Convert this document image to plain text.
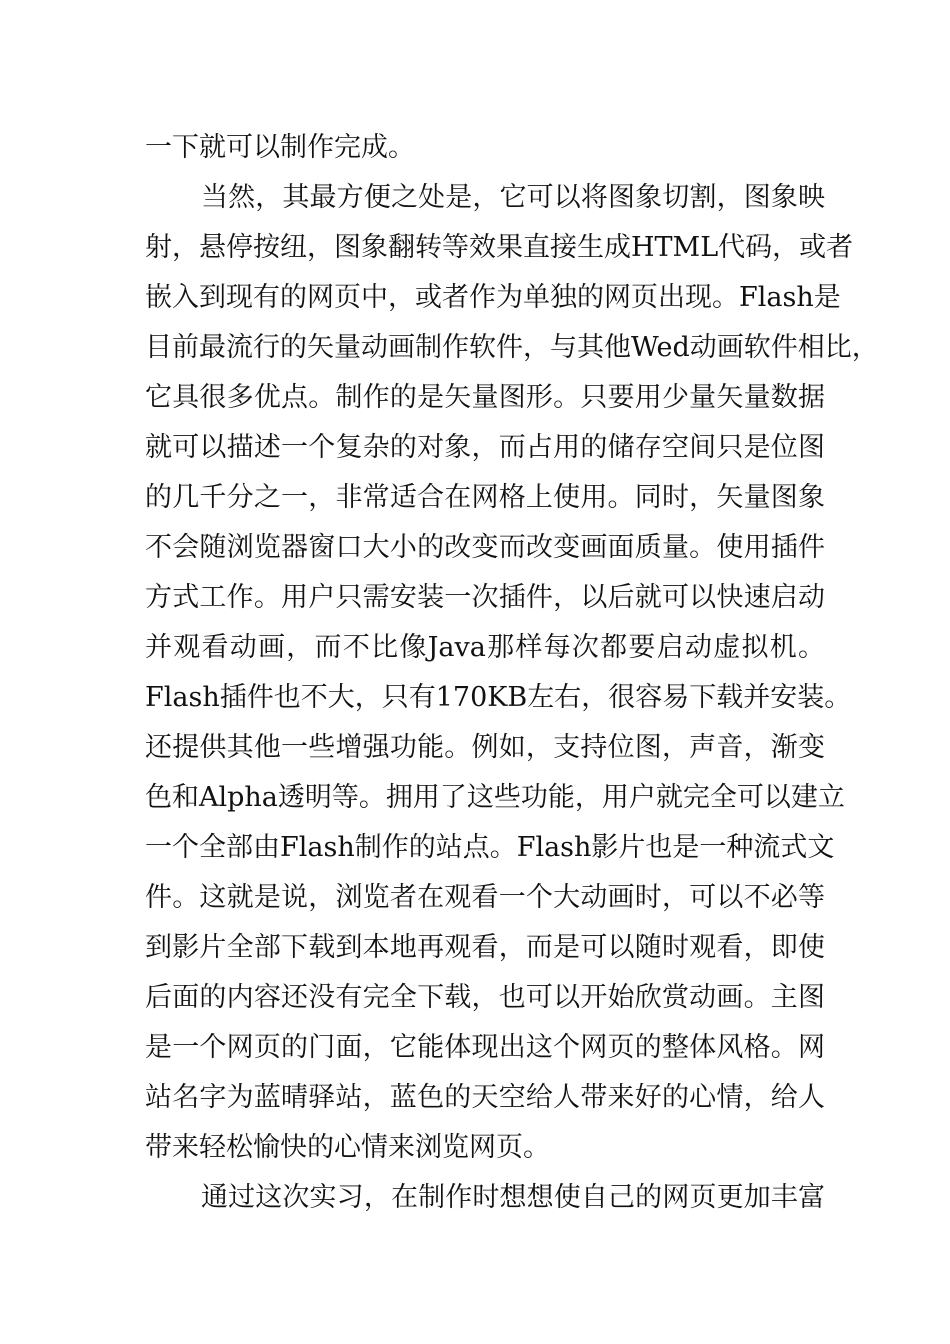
一下就可以制作完成。
当然，其最方便之处是，它可以将图象切割，图象映
射，悬停按纽，图象翻转等效果直接生成HTML代码，或者
嵌入到现有的网页中，或者作为单独的网页出现。Flash是
目前最流行的矢量动画制作软件，与其他Wed动画软件相比，
它具很多优点。制作的是矢量图形。只要用少量矢量数据
就可以描述一个复杂的对象，而占用的储存空间只是位图
的几千分之一，非常适合在网格上使用。同时，矢量图象
不会随浏览器窗口大小的改变而改变画面质量。使用插件
方式工作。用户只需安装一次插件，以后就可以快速启动
并观看动画，而不比像Java那样每次都要启动虚拟机。
Flash插件也不大，只有170KB左右，很容易下载并安装。
还提供其他一些增强功能。例如，支持位图，声音，渐变
色和Alpha透明等。拥用了这些功能，用户就完全可以建立
一个全部由Flash制作的站点。Flash影片也是一种流式文
件。这就是说，浏览者在观看一个大动画时，可以不必等
到影片全部下载到本地再观看，而是可以随时观看，即使
后面的内容还没有完全下载，也可以开始欣赏动画。主图
是一个网页的门面，它能体现出这个网页的整体风格。网
站名字为蓝晴驿站，蓝色的天空给人带来好的心情，给人
带来轻松愉快的心情来浏览网页。
通过这次实习，在制作时想想使自己的网页更加丰富
